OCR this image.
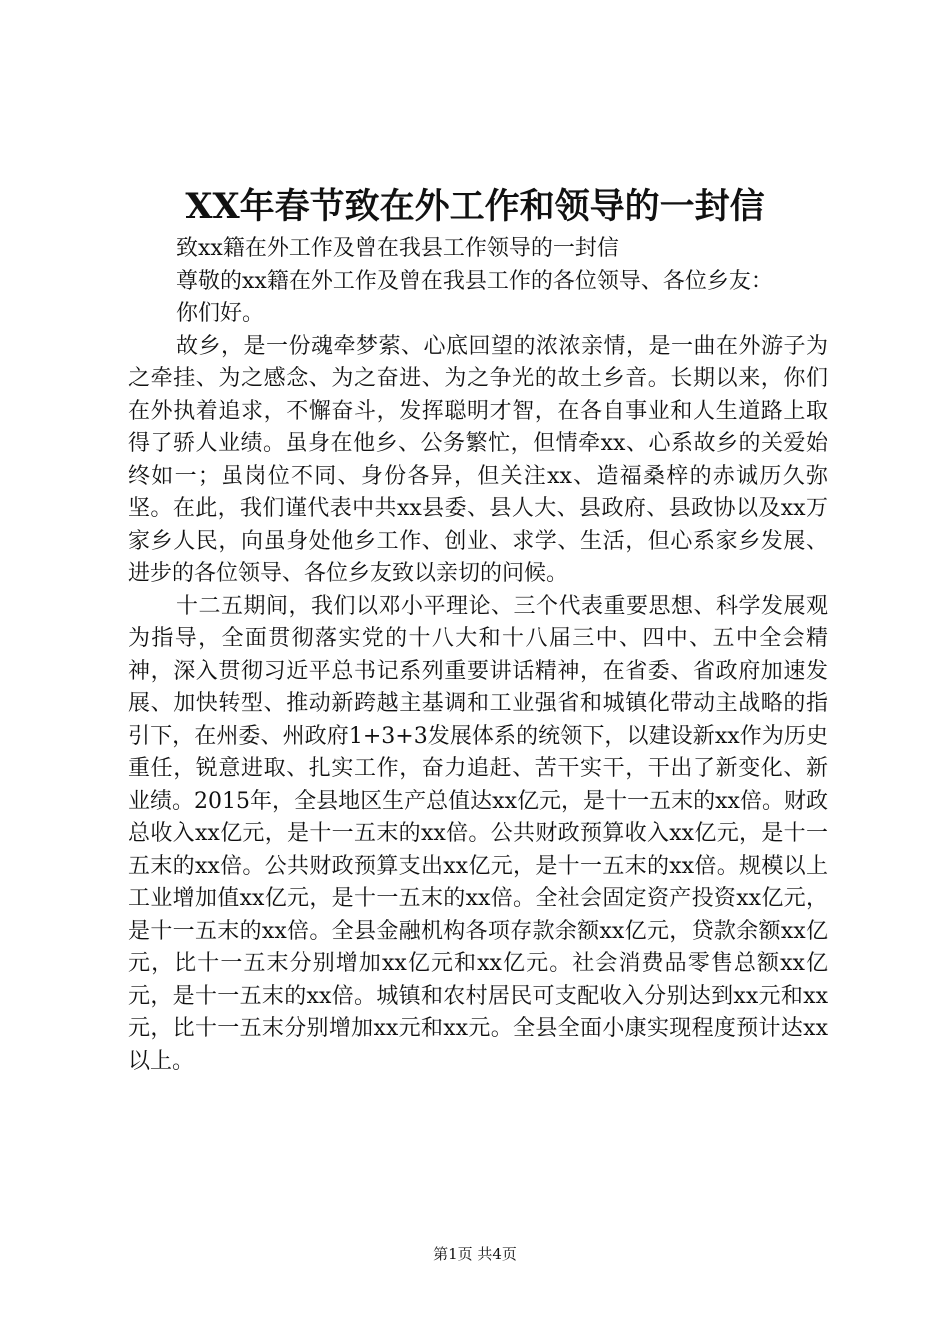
XX年春节致在外工作和领导的一封信

致xx籍在外工作及曾在我县工作领导的一封信

尊敬的xx籍在外工作及曾在我县工作的各位领导、各位乡友：

你们好。

故乡，是一份魂牵梦萦、心底回望的浓浓亲情，是一曲在外游子为之牵挂、为之感念、为之奋进、为之争光的故土乡音。长期以来，你们在外执着追求，不懈奋斗，发挥聪明才智，在各自事业和人生道路上取得了骄人业绩。虽身在他乡、公务繁忙，但情牵xx、心系故乡的关爱始终如一；虽岗位不同、身份各异，但关注xx、造福桑梓的赤诚历久弥坚。在此，我们谨代表中共xx县委、县人大、县政府、县政协以及xx万家乡人民，向虽身处他乡工作、创业、求学、生活，但心系家乡发展、进步的各位领导、各位乡友致以亲切的问候。

十二五期间，我们以邓小平理论、三个代表重要思想、科学发展观为指导，全面贯彻落实党的十八大和十八届三中、四中、五中全会精神，深入贯彻习近平总书记系列重要讲话精神，在省委、省政府加速发展、加快转型、推动新跨越主基调和工业强省和城镇化带动主战略的指引下，在州委、州政府1+3+3发展体系的统领下，以建设新xx作为历史重任，锐意进取、扎实工作，奋力追赶、苦干实干，干出了新变化、新业绩。2015年，全县地区生产总值达xx亿元，是十一五末的xx倍。财政总收入xx亿元，是十一五末的xx倍。公共财政预算收入xx亿元，是十一五末的xx倍。公共财政预算支出xx亿元，是十一五末的xx倍。规模以上工业增加值xx亿元，是十一五末的xx倍。全社会固定资产投资xx亿元，是十一五末的xx倍。全县金融机构各项存款余额xx亿元，贷款余额xx亿元，比十一五末分别增加xx亿元和xx亿元。社会消费品零售总额xx亿元，是十一五末的xx倍。城镇和农村居民可支配收入分别达到xx元和xx元，比十一五末分别增加xx元和xx元。全县全面小康实现程度预计达xx以上。

第1页 共4页
